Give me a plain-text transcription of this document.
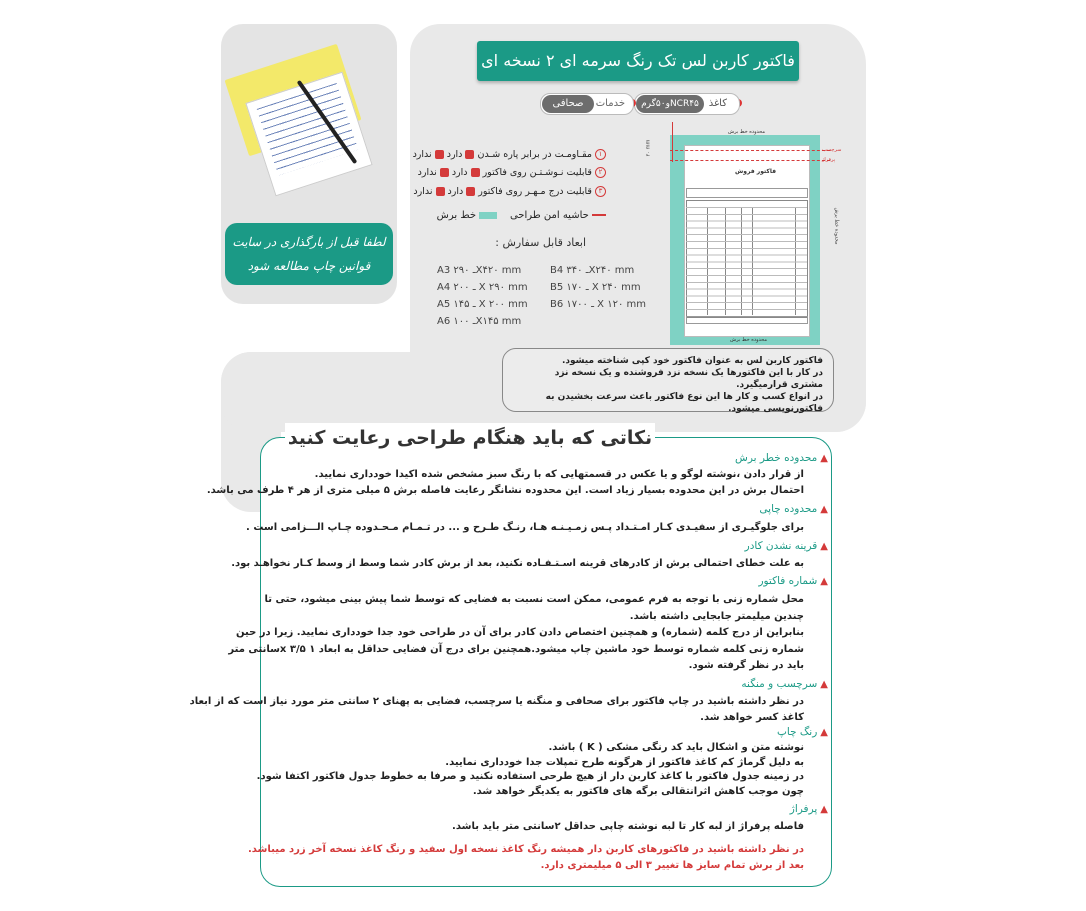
لطفا قبل از بارگذاری در سایت
قوانین چاپ مطالعه شود
فاکتور کاربن لس تک رنگ سرمه ای ۲ نسخه ای
کاغذ
NCR۴۵و۵۰گرم
خدمات
صحافی
۱ مقـاومـت در برابر پاره شـدن  دارد  ندارد
۲ قابلیت نـوشـتـن روی فاکتور  دارد  ندارد
۳ قابلیت درج مـهـر روی فاکتور  دارد  ندارد
حاشیه امن طراحی     خط برش
ابعاد قابل سفارش :
B4 ـ ۳۴۰X۲۴۰ mm
B5 ـ ۱۷۰ X ۲۴۰ mm
B6 ـ ۱۷۰۰ X ۱۲۰ mm
A3 ـ ۲۹۰X۴۲۰ mm
A4 ـ ۲۰۰ X ۲۹۰ mm
A5 ـ ۱۴۵ X ۲۰۰ mm
A6 ـ ۱۰۰X۱۴۵ mm
محدوده خط برش
فاکتور فروش
محدوده خط برش
محدوده خط برش
سرچسب
پرفراژ
۲۰ mm
فاکتور کاربن لس به عنوان فاکتور خود کپی شناخته میشود.
در کار با این فاکتورها یک نسخه نزد فروشنده و یک نسخه نزد
مشتری قرارمیگیرد.
در انواع کسب و کار ها این نوع فاکتور باعث سرعت بخشیدن به فاکتورنویسی میشود.
نکاتی که باید هنگام طراحی رعایت کنید
▲محدوده خطر برش
از قرار دادن ،نوشته لوگو و یا عکس در قسمتهایی که با رنگ سبز مشخص شده اکیدا خودداری نمایید.
احتمال برش در این محدوده بسیار زیاد است. این محدوده نشانگر رعایت فاصله برش ۵ میلی متری از هر ۴ طرف می باشد.
▲محدوده چاپی
برای جلوگیـری از سفیـدی کـار امـتـداد پـس زمـیـنـه هـا، رنـگ طـرح و ... در تـمـام مـحـدوده چـاپ الـــزامی است .
▲قرینه نشدن کادر
به علت خطای احتمالی برش از کادرهای قرینه اسـتـفـاده نکنید، بعد از برش کادر شما وسط از وسط کـار نخواهـد بود.
▲شماره فاکتور
محل شماره زنی با توجه به فرم عمومی، ممکن است نسبت به فضایی که توسط شما پیش بینی میشود، حتی تا
چندین میلیمتر جابجایی داشته باشد.
بنابراین از درج کلمه (شماره) و همچنین اختصاص دادن کادر برای آن در طراحی خود جدا خودداری نمایید. زیرا در حین
شماره زنی کلمه شماره توسط خود ماشین چاپ میشود.همچنین برای درج آن فضایی حداقل به ابعاد ۱ x ۳/۵سانتی متر
باید در نظر گرفته شود.
▲سرچسب و منگنه
در نظر داشته باشید در چاپ فاکتور برای صحافی و منگنه یا سرچسب، فضایی به پهنای ۲ سانتی متر مورد نیاز است که از ابعاد
کاغذ کسر خواهد شد.
▲رنگ چاپ
نوشته متن و اشکال باید کد رنگی مشکی ( K ) باشد.
به دلیل گرماژ کم کاغذ فاکتور از هرگونه طرح تمپلات جدا خودداری نمایید.
در زمینه جدول فاکتور با کاغذ کاربن دار از هیچ طرحی استفاده نکنید و صرفا به خطوط جدول فاکتور اکتفا شود.
چون موجب کاهش اثرانتقالی برگه های فاکتور به یکدیگر خواهد شد.
▲پرفراژ
فاصله پرفراژ از لبه کار تا لبه نوشته چاپی حداقل ۲سانتی متر باید باشد.
در نظر داشته باشید در فاکتورهای کاربن دار همیشه رنگ کاغذ نسخه اول سفید و رنگ کاغذ نسخه آخر زرد میباشد.
بعد از برش تمام سایز ها تغییر ۳ الی ۵ میلیمتری دارد.
